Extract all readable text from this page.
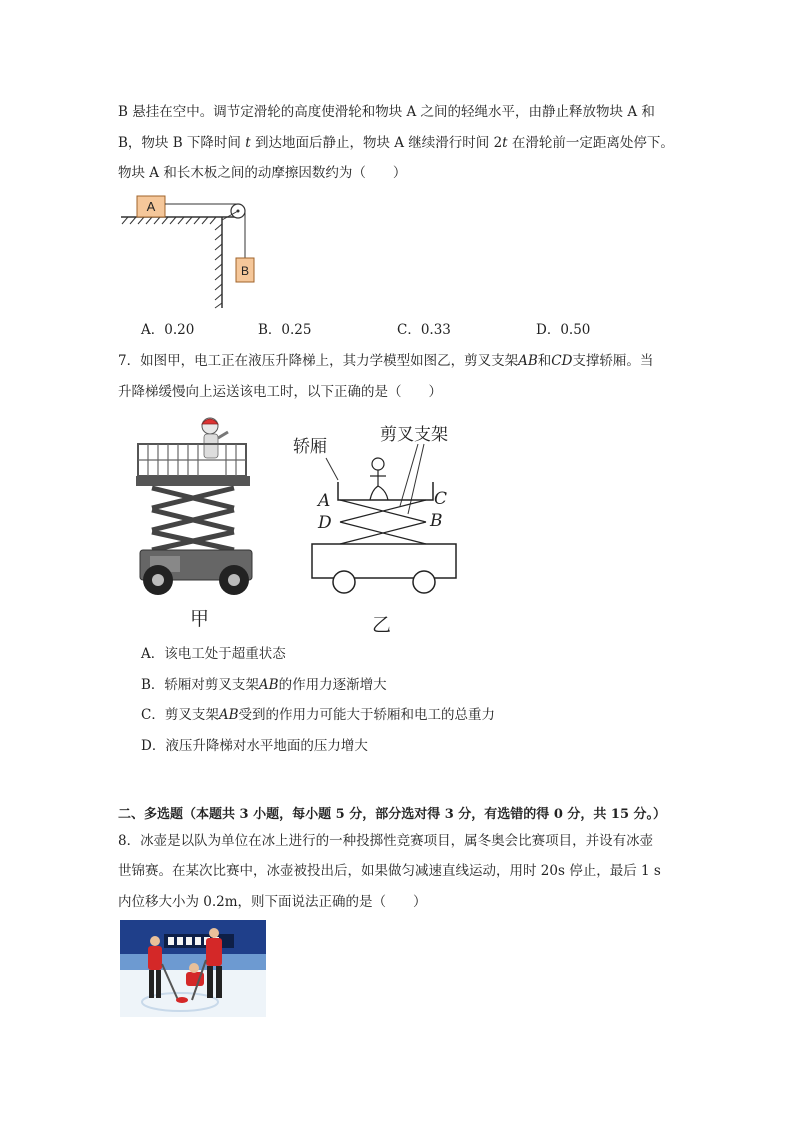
B 悬挂在空中。调节定滑轮的高度使滑轮和物块 A 之间的轻绳水平，由静止释放物块 A 和
B，物块 B 下降时间 t 到达地面后静止，物块 A 继续滑行时间 2t 在滑轮前一定距离处停下。
物块 A 和长木板之间的动摩擦因数约为（　　）
A
B
A．0.20	B．0.25	C．0.33	D．0.50
7．如图甲，电工正在液压升降梯上，其力学模型如图乙，剪叉支架AB和CD支撑轿厢。当
升降梯缓慢向上运送该电工时，以下正确的是（　　）
甲
轿厢
剪叉支架
A
D
C
B
乙
A．该电工处于超重状态
B．轿厢对剪叉支架AB的作用力逐渐增大
C．剪叉支架AB受到的作用力可能大于轿厢和电工的总重力
D．液压升降梯对水平地面的压力增大
二、多选题（本题共 3 小题，每小题 5 分，部分选对得 3 分，有选错的得 0 分，共 15 分。）
8．冰壶是以队为单位在冰上进行的一种投掷性竞赛项目，属冬奥会比赛项目，并设有冰壶
世锦赛。在某次比赛中，冰壶被投出后，如果做匀减速直线运动，用时 20s 停止，最后 1 s
内位移大小为 0.2m，则下面说法正确的是（　　）
